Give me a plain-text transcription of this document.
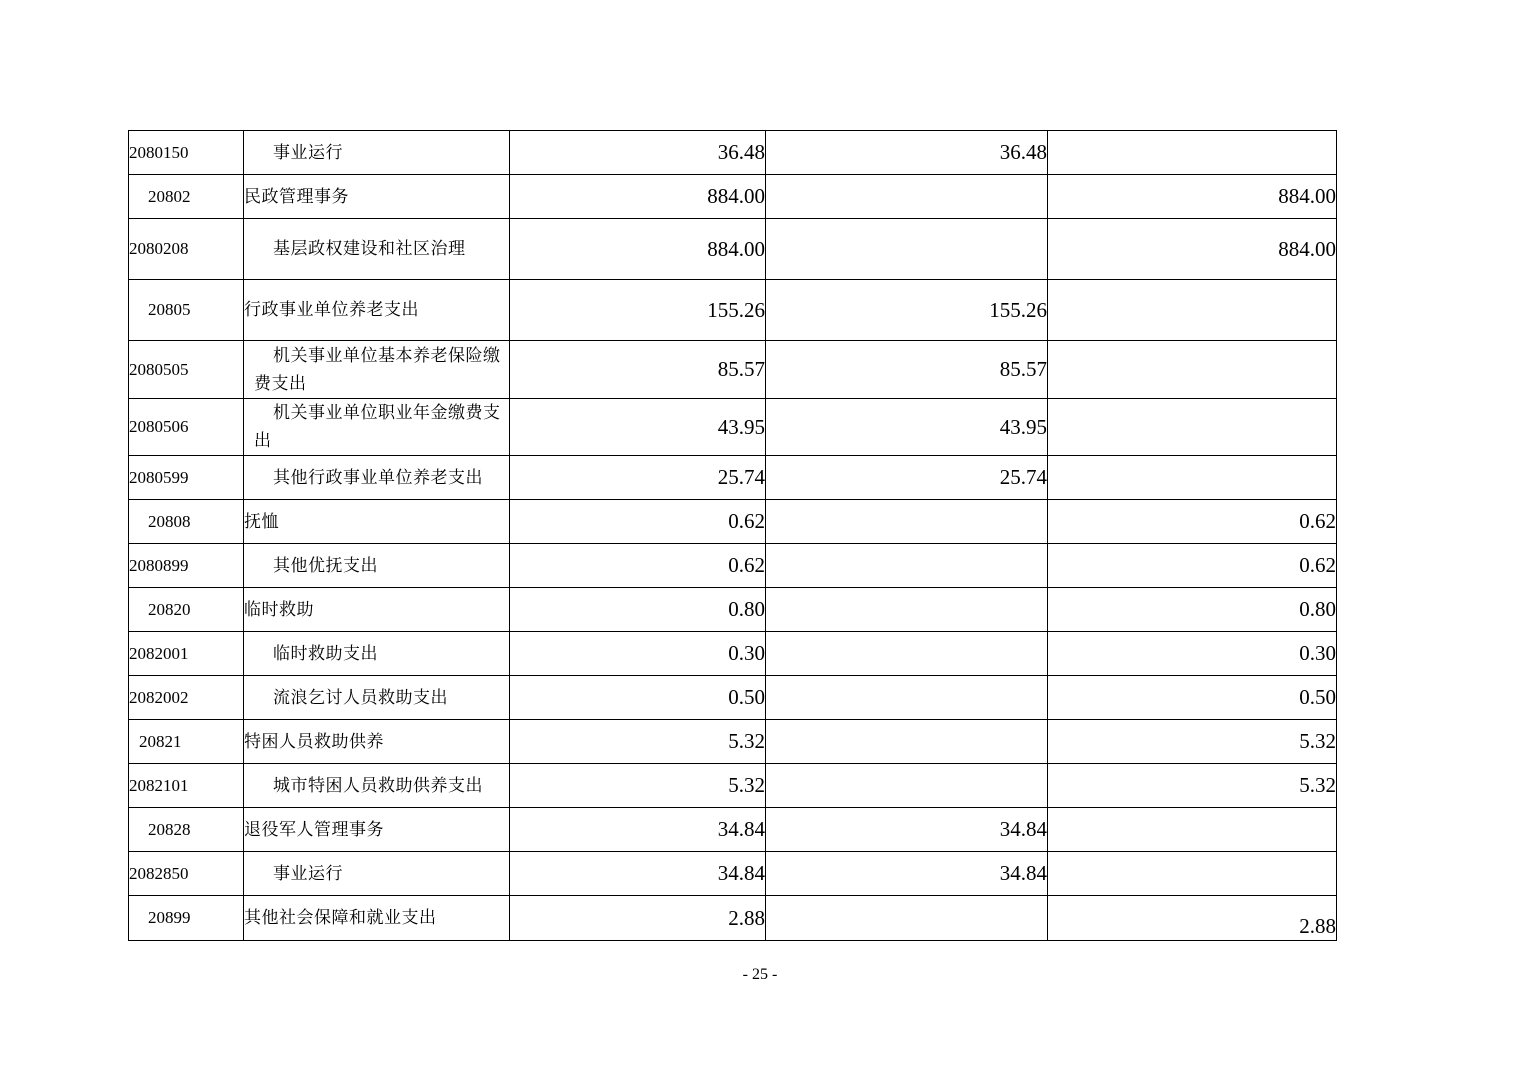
2080150	事业运行	36.48	36.48	
20802	民政管理事务	884.00		884.00
2080208	基层政权建设和社区治理	884.00		884.00
20805	行政事业单位养老支出	155.26	155.26	
2080505	机关事业单位基本养老保险缴费支出	85.57	85.57	
2080506	机关事业单位职业年金缴费支出	43.95	43.95	
2080599	其他行政事业单位养老支出	25.74	25.74	
20808	抚恤	0.62		0.62
2080899	其他优抚支出	0.62		0.62
20820	临时救助	0.80		0.80
2082001	临时救助支出	0.30		0.30
2082002	流浪乞讨人员救助支出	0.50		0.50
20821	特困人员救助供养	5.32		5.32
2082101	城市特困人员救助供养支出	5.32		5.32
20828	退役军人管理事务	34.84	34.84	
2082850	事业运行	34.84	34.84	
20899	其他社会保障和就业支出	2.88		2.88
- 25 -
